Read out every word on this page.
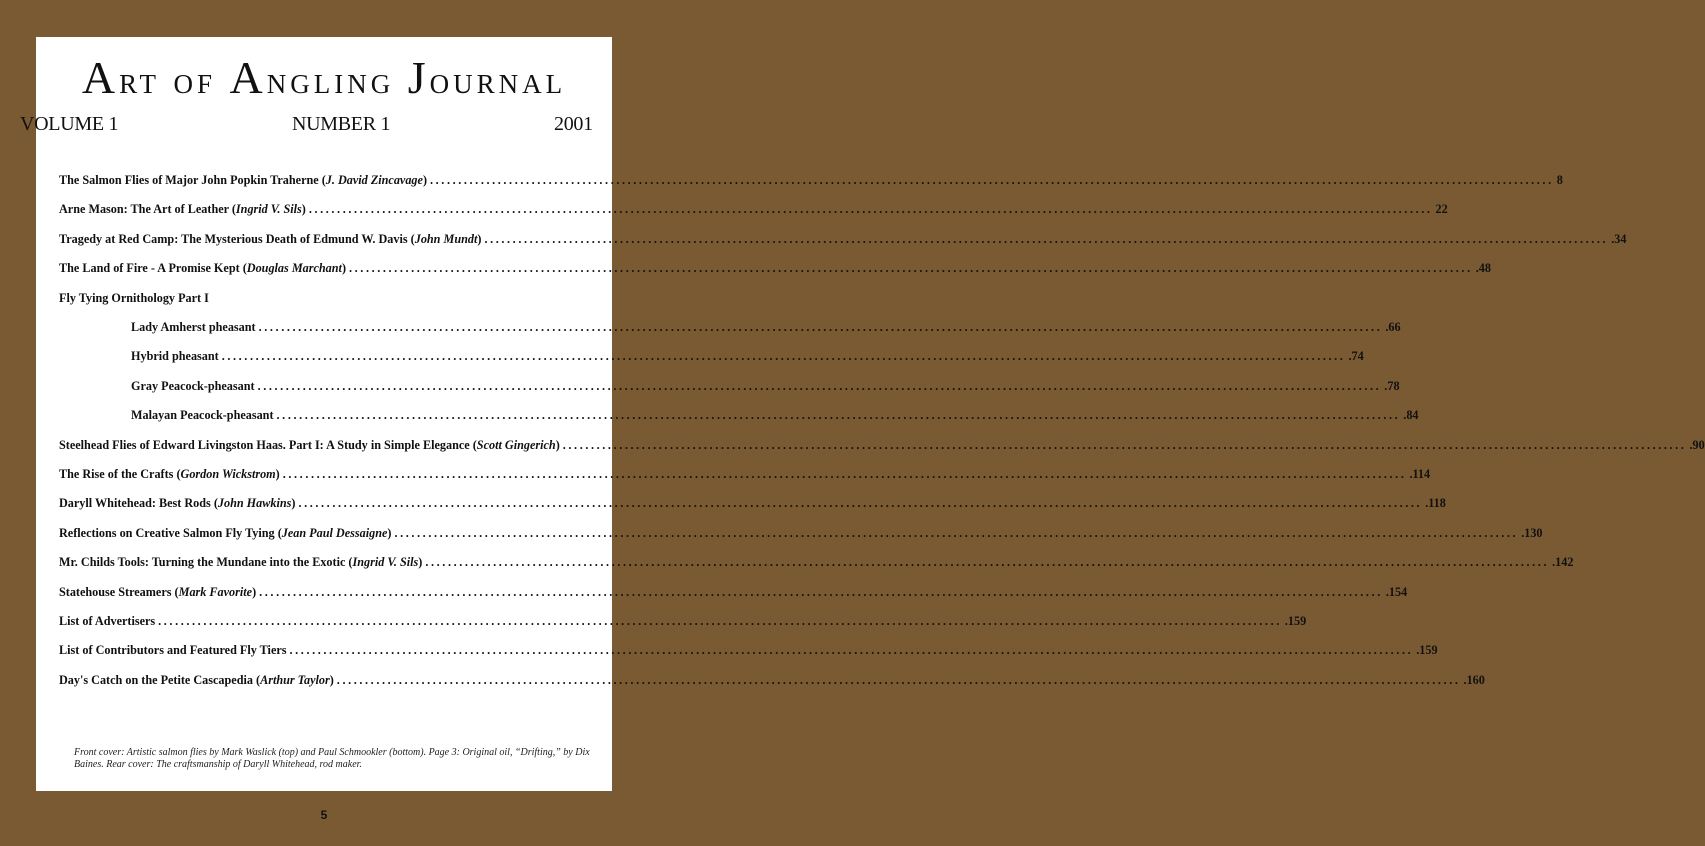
Art of Angling Journal
VOLUME 1	NUMBER 1	2001
The Salmon Flies of Major John Popkin Traherne (J. David Zincavage) ....................................................................................................................................................................................................... 8
Arne Mason: The Art of Leather (Ingrid V. Sils) ....................................................................................................................................................................................................... 22
Tragedy at Red Camp: The Mysterious Death of Edmund W. Davis (John Mundt) ....................................................................................................................................................................................................... .34
The Land of Fire - A Promise Kept (Douglas Marchant) ....................................................................................................................................................................................................... .48
Fly Tying Ornithology Part I
Lady Amherst pheasant ....................................................................................................................................................................................................... .66
Hybrid pheasant ....................................................................................................................................................................................................... .74
Gray Peacock-pheasant ....................................................................................................................................................................................................... .78
Malayan Peacock-pheasant ....................................................................................................................................................................................................... .84
Steelhead Flies of Edward Livingston Haas. Part I: A Study in Simple Elegance (Scott Gingerich) ....................................................................................................................................................................................................... .90
The Rise of the Crafts (Gordon Wickstrom) ....................................................................................................................................................................................................... .114
Daryll Whitehead: Best Rods (John Hawkins) ....................................................................................................................................................................................................... .118
Reflections on Creative Salmon Fly Tying (Jean Paul Dessaigne) ....................................................................................................................................................................................................... .130
Mr. Childs Tools: Turning the Mundane into the Exotic (Ingrid V. Sils) ....................................................................................................................................................................................................... .142
Statehouse Streamers (Mark Favorite) ....................................................................................................................................................................................................... .154
List of Advertisers ....................................................................................................................................................................................................... .159
List of Contributors and Featured Fly Tiers ....................................................................................................................................................................................................... .159
Day's Catch on the Petite Cascapedia (Arthur Taylor) ....................................................................................................................................................................................................... .160
Front cover: Artistic salmon flies by Mark Waslick (top) and Paul Schmookler (bottom). Page 3: Original oil, “Drifting,” by Dix Baines. Rear cover: The craftsmanship of Daryll Whitehead, rod maker.
5
